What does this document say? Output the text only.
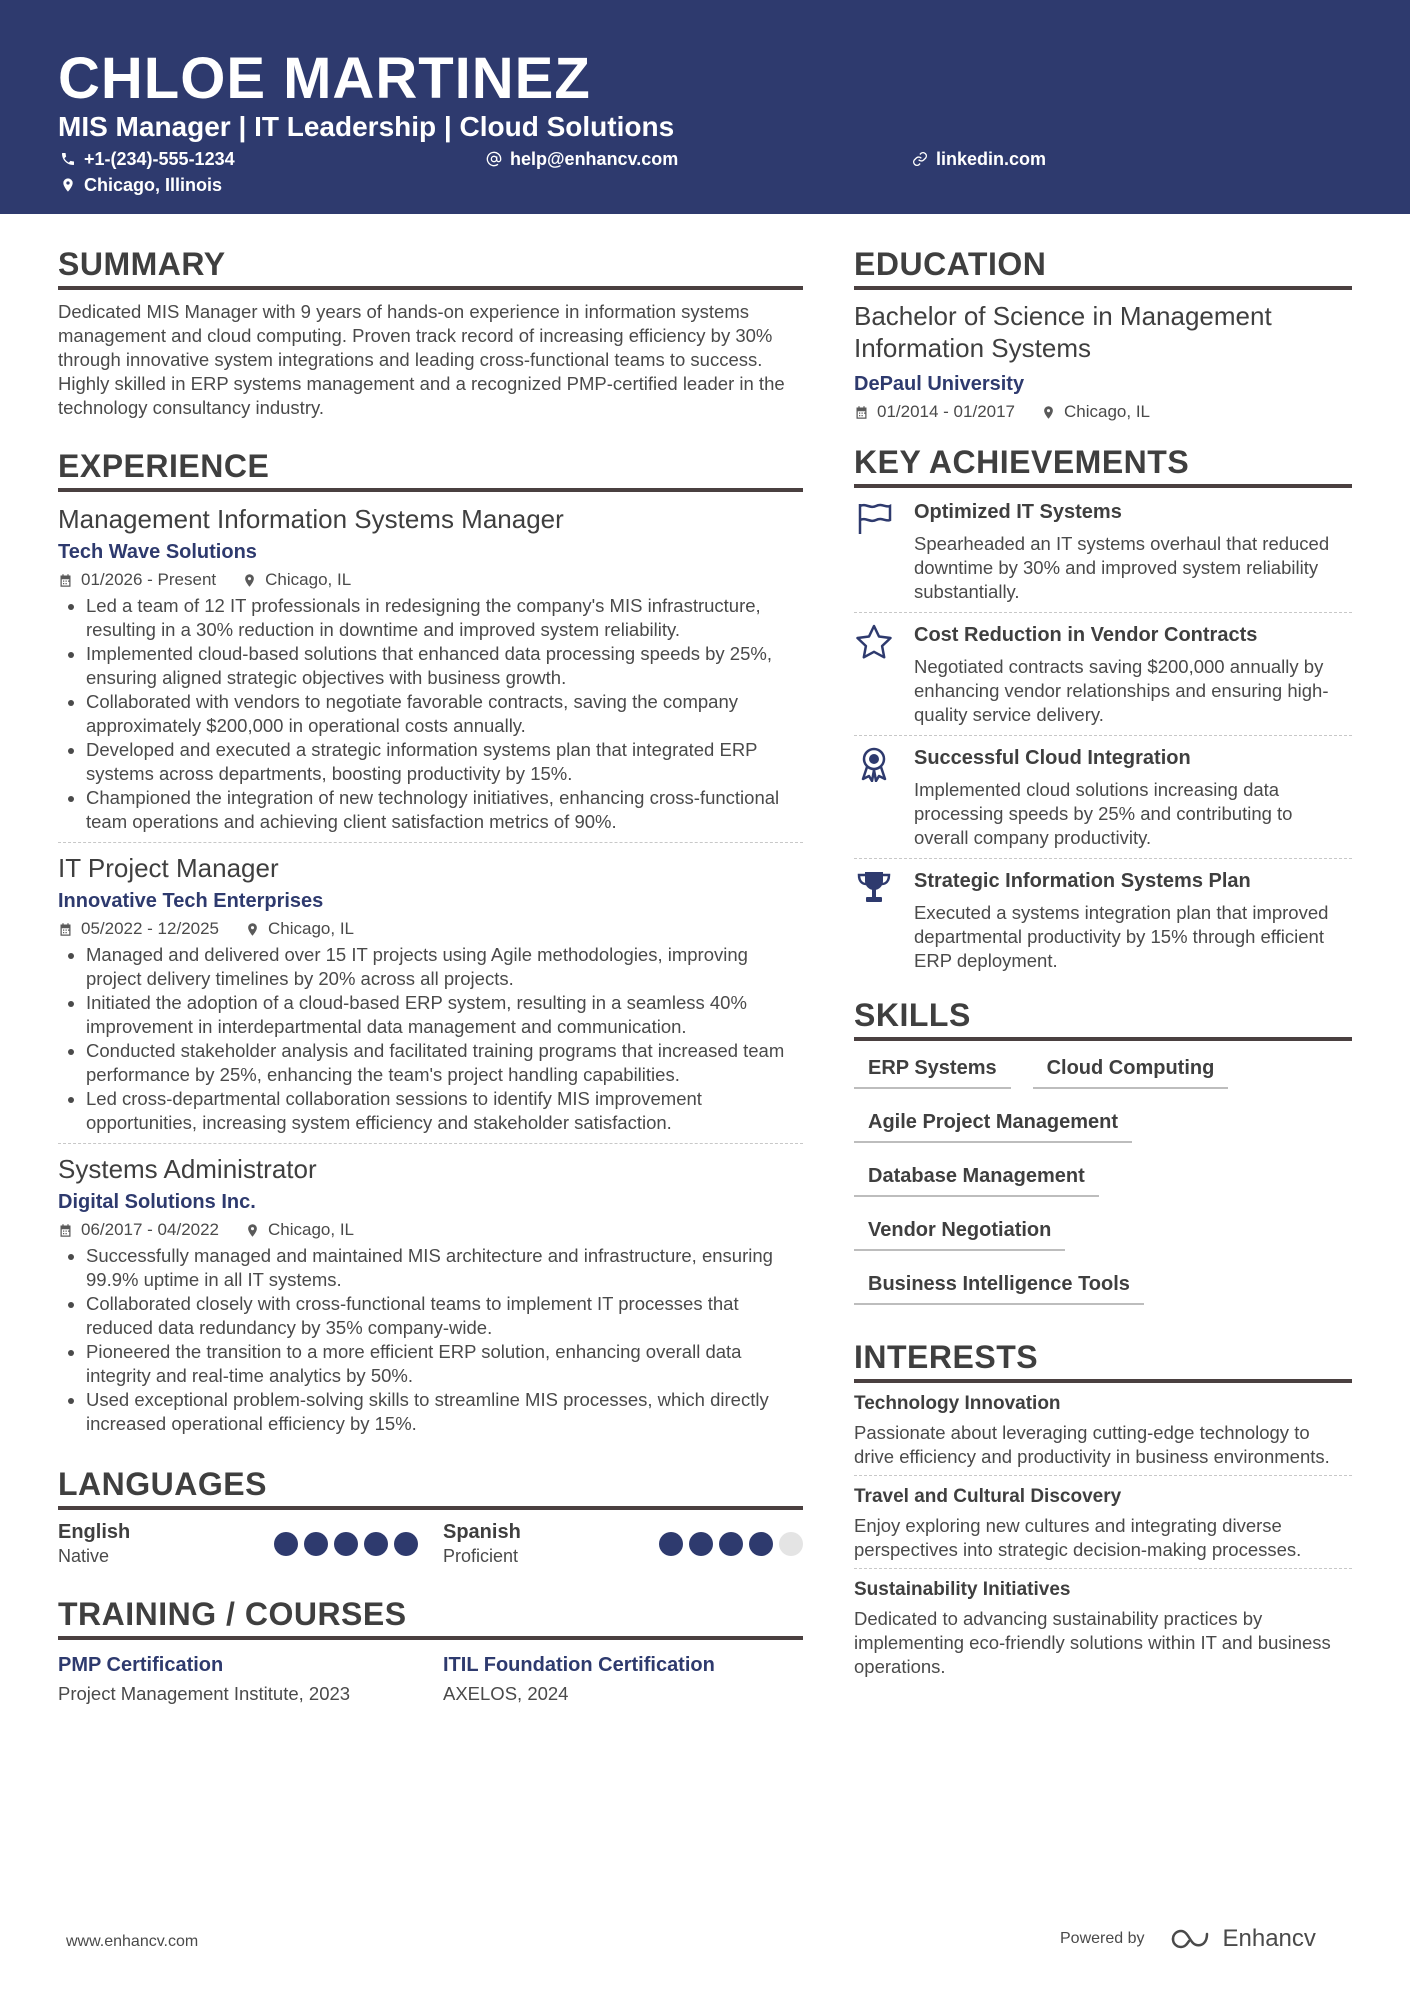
CHLOE MARTINEZ
MIS Manager | IT Leadership | Cloud Solutions
+1-(234)-555-1234	help@enhancv.com	linkedin.com
Chicago, Illinois
SUMMARY

Dedicated MIS Manager with 9 years of hands-on experience in information systems management and cloud computing. Proven track record of increasing efficiency by 30% through innovative system integrations and leading cross-functional teams to success. Highly skilled in ERP systems management and a recognized PMP-certified leader in the technology consultancy industry.

EXPERIENCE
Management Information Systems Manager
Tech Wave Solutions
01/2026 - Present	Chicago, IL
Led a team of 12 IT professionals in redesigning the company's MIS infrastructure, resulting in a 30% reduction in downtime and improved system reliability.
Implemented cloud-based solutions that enhanced data processing speeds by 25%, ensuring aligned strategic objectives with business growth.
Collaborated with vendors to negotiate favorable contracts, saving the company approximately $200,000 in operational costs annually.
Developed and executed a strategic information systems plan that integrated ERP systems across departments, boosting productivity by 15%.
Championed the integration of new technology initiatives, enhancing cross-functional team operations and achieving client satisfaction metrics of 90%.
IT Project Manager
Innovative Tech Enterprises
05/2022 - 12/2025	Chicago, IL
Managed and delivered over 15 IT projects using Agile methodologies, improving project delivery timelines by 20% across all projects.
Initiated the adoption of a cloud-based ERP system, resulting in a seamless 40% improvement in interdepartmental data management and communication.
Conducted stakeholder analysis and facilitated training programs that increased team performance by 25%, enhancing the team's project handling capabilities.
Led cross-departmental collaboration sessions to identify MIS improvement opportunities, increasing system efficiency and stakeholder satisfaction.
Systems Administrator
Digital Solutions Inc.
06/2017 - 04/2022	Chicago, IL
Successfully managed and maintained MIS architecture and infrastructure, ensuring 99.9% uptime in all IT systems.
Collaborated closely with cross-functional teams to implement IT processes that reduced data redundancy by 35% company-wide.
Pioneered the transition to a more efficient ERP solution, enhancing overall data integrity and real-time analytics by 50%.
Used exceptional problem-solving skills to streamline MIS processes, which directly increased operational efficiency by 15%.
LANGUAGES
English
Native
Spanish
Proficient
TRAINING / COURSES
PMP Certification
Project Management Institute, 2023
ITIL Foundation Certification
AXELOS, 2024
EDUCATION
Bachelor of Science in Management Information Systems
DePaul University
01/2014 - 01/2017	Chicago, IL
KEY ACHIEVEMENTS
Optimized IT Systems
Spearheaded an IT systems overhaul that reduced downtime by 30% and improved system reliability substantially.
Cost Reduction in Vendor Contracts
Negotiated contracts saving $200,000 annually by enhancing vendor relationships and ensuring high-quality service delivery.
Successful Cloud Integration
Implemented cloud solutions increasing data processing speeds by 25% and contributing to overall company productivity.
Strategic Information Systems Plan
Executed a systems integration plan that improved departmental productivity by 15% through efficient ERP deployment.
SKILLS
ERP Systems	Cloud Computing
Agile Project Management
Database Management
Vendor Negotiation
Business Intelligence Tools
INTERESTS
Technology Innovation
Passionate about leveraging cutting-edge technology to drive efficiency and productivity in business environments.
Travel and Cultural Discovery
Enjoy exploring new cultures and integrating diverse perspectives into strategic decision-making processes.
Sustainability Initiatives
Dedicated to advancing sustainability practices by implementing eco-friendly solutions within IT and business operations.
www.enhancv.com	Powered by	Enhancv
